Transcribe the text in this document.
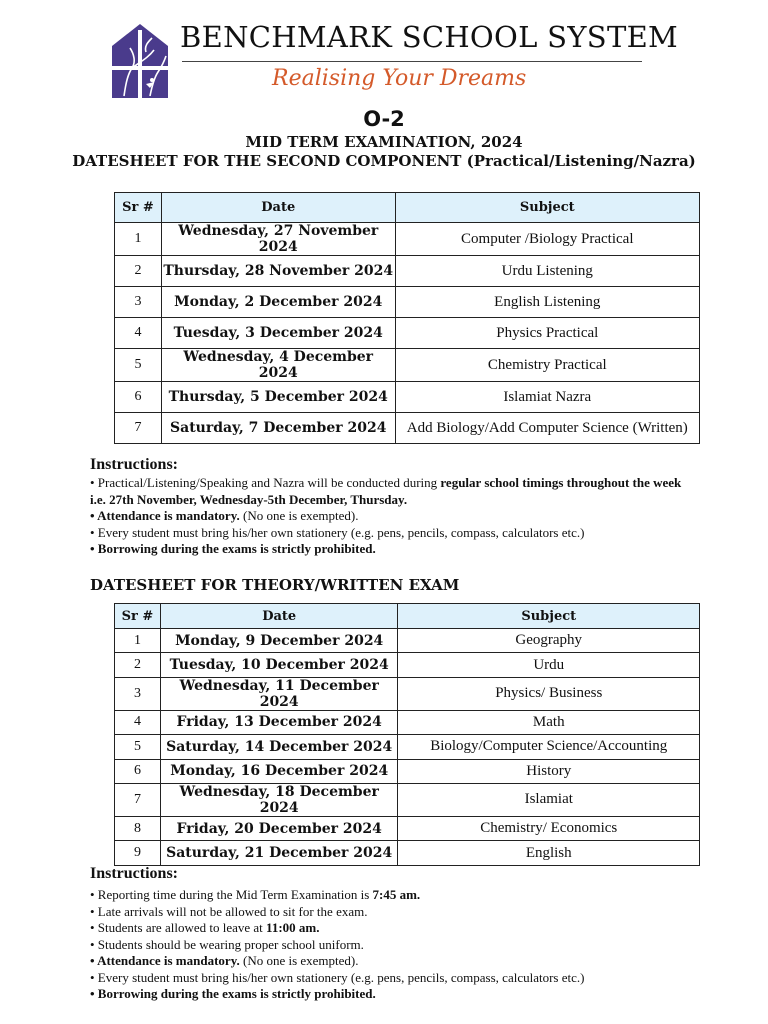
BENCHMARK SCHOOL SYSTEM
Realising Your Dreams
O-2
MID TERM EXAMINATION, 2024
DATESHEET FOR THE SECOND COMPONENT (Practical/Listening/Nazra)
Sr #	Date	Subject
1	Wednesday, 27 November 2024	Computer /Biology Practical
2	Thursday, 28 November 2024	Urdu Listening
3	Monday, 2 December 2024	English Listening
4	Tuesday, 3 December 2024	Physics Practical
5	Wednesday, 4 December 2024	Chemistry Practical
6	Thursday, 5 December 2024	Islamiat Nazra
7	Saturday, 7 December 2024	Add Biology/Add Computer Science (Written)
Instructions:

• Practical/Listening/Speaking and Nazra will be conducted during regular school timings throughout the week

i.e. 27th November, Wednesday-5th December, Thursday.

• Attendance is mandatory. (No one is exempted).

• Every student must bring his/her own stationery (e.g. pens, pencils, compass, calculators etc.)

• Borrowing during the exams is strictly prohibited.

DATESHEET FOR THEORY/WRITTEN EXAM
Sr #	Date	Subject
1	Monday, 9 December 2024	Geography
2	Tuesday, 10 December 2024	Urdu
3	Wednesday, 11 December 2024	Physics/ Business
4	Friday, 13 December 2024	Math
5	Saturday, 14 December 2024	Biology/Computer Science/Accounting
6	Monday, 16 December 2024	History
7	Wednesday, 18 December 2024	Islamiat
8	Friday, 20 December 2024	Chemistry/ Economics
9	Saturday, 21 December 2024	English
Instructions:

• Reporting time during the Mid Term Examination is 7:45 am.

• Late arrivals will not be allowed to sit for the exam.

• Students are allowed to leave at 11:00 am.

• Students should be wearing proper school uniform.

• Attendance is mandatory. (No one is exempted).

• Every student must bring his/her own stationery (e.g. pens, pencils, compass, calculators etc.)

• Borrowing during the exams is strictly prohibited.
